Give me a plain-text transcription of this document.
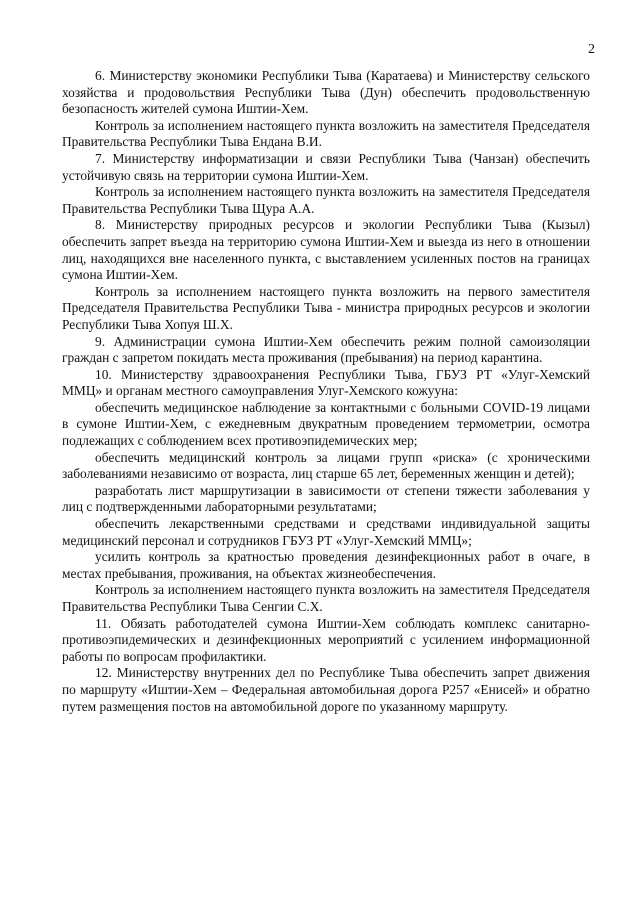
2

6. Министерству экономики Республики Тыва (Каратаева) и Министерству сельского хозяйства и продовольствия Республики Тыва (Дун) обеспечить продовольственную безопасность жителей сумона Иштии-Хем.

Контроль за исполнением настоящего пункта возложить на заместителя Председателя Правительства Республики Тыва Ендана В.И.

7. Министерству информатизации и связи Республики Тыва (Чанзан) обеспечить устойчивую связь на территории сумона Иштии-Хем.

Контроль за исполнением настоящего пункта возложить на заместителя Председателя Правительства Республики Тыва Щура А.А.

8. Министерству природных ресурсов и экологии Республики Тыва (Кызыл) обеспечить запрет въезда на территорию сумона Иштии-Хем и выезда из него в отношении лиц, находящихся вне населенного пункта, с выставлением усиленных постов на границах сумона Иштии-Хем.

Контроль за исполнением настоящего пункта возложить на первого заместителя Председателя Правительства Республики Тыва - министра природных ресурсов и экологии Республики Тыва Хопуя Ш.Х.

9. Администрации сумона Иштии-Хем обеспечить режим полной самоизоляции граждан с запретом покидать места проживания (пребывания) на период карантина.

10. Министерству здравоохранения Республики Тыва, ГБУЗ РТ «Улуг-Хемский ММЦ» и органам местного самоуправления Улуг-Хемского кожууна:

обеспечить медицинское наблюдение за контактными с больными COVID-19 лицами в сумоне Иштии-Хем, с ежедневным двукратным проведением термометрии, осмотра подлежащих с соблюдением всех противоэпидемических мер;

обеспечить медицинский контроль за лицами групп «риска» (с хроническими заболеваниями независимо от возраста, лиц старше 65 лет, беременных женщин и детей);

разработать лист маршрутизации в зависимости от степени тяжести заболевания у лиц с подтвержденными лабораторными результатами;

обеспечить лекарственными средствами и средствами индивидуальной защиты медицинский персонал и сотрудников ГБУЗ РТ «Улуг-Хемский ММЦ»;

усилить контроль за кратностью проведения дезинфекционных работ в очаге, в местах пребывания, проживания, на объектах жизнеобеспечения.

Контроль за исполнением настоящего пункта возложить на заместителя Председателя Правительства Республики Тыва Сенгии С.Х.

11. Обязать работодателей сумона Иштии-Хем соблюдать комплекс санитарно-противоэпидемических и дезинфекционных мероприятий с усилением информационной работы по вопросам профилактики.

12. Министерству внутренних дел по Республике Тыва обеспечить запрет движения по маршруту «Иштии-Хем – Федеральная автомобильная дорога Р257 «Енисей» и обратно путем размещения постов на автомобильной дороге по указанному маршруту.
